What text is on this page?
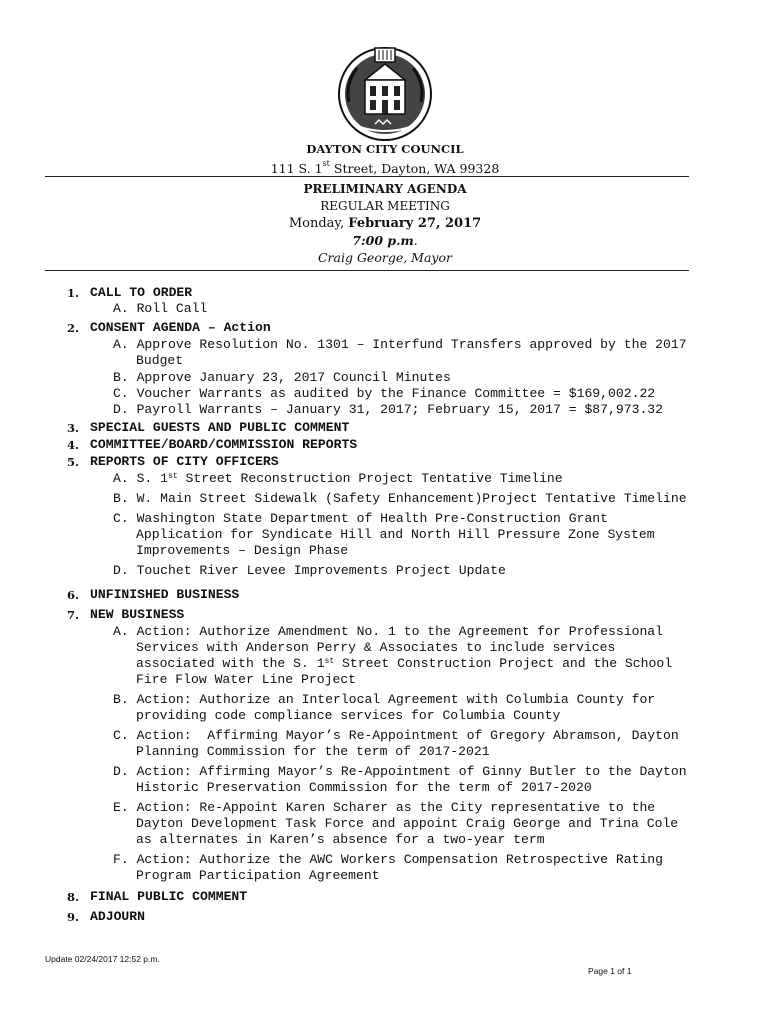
DAYTON CITY COUNCIL
111 S. 1st Street, Dayton, WA 99328
PRELIMINARY AGENDA
REGULAR MEETING
Monday, February 27, 2017
7:00 p.m.
Craig George, Mayor
1. CALL TO ORDER
A. Roll Call
2. CONSENT AGENDA – Action
A. Approve Resolution No. 1301 – Interfund Transfers approved by the 2017
Budget
B. Approve January 23, 2017 Council Minutes
C. Voucher Warrants as audited by the Finance Committee = $169,002.22
D. Payroll Warrants – January 31, 2017; February 15, 2017 = $87,973.32
3. SPECIAL GUESTS AND PUBLIC COMMENT
4. COMMITTEE/BOARD/COMMISSION REPORTS
5. REPORTS OF CITY OFFICERS
A. S. 1st Street Reconstruction Project Tentative Timeline
B. W. Main Street Sidewalk (Safety Enhancement)Project Tentative Timeline
C. Washington State Department of Health Pre-Construction Grant
Application for Syndicate Hill and North Hill Pressure Zone System
Improvements – Design Phase
D. Touchet River Levee Improvements Project Update
6. UNFINISHED BUSINESS
7. NEW BUSINESS
A. Action: Authorize Amendment No. 1 to the Agreement for Professional
Services with Anderson Perry & Associates to include services
associated with the S. 1st Street Construction Project and the School
Fire Flow Water Line Project
B. Action: Authorize an Interlocal Agreement with Columbia County for
providing code compliance services for Columbia County
C. Action:  Affirming Mayor’s Re-Appointment of Gregory Abramson, Dayton
Planning Commission for the term of 2017-2021
D. Action: Affirming Mayor’s Re-Appointment of Ginny Butler to the Dayton
Historic Preservation Commission for the term of 2017-2020
E. Action: Re-Appoint Karen Scharer as the City representative to the
Dayton Development Task Force and appoint Craig George and Trina Cole
as alternates in Karen’s absence for a two-year term
F. Action: Authorize the AWC Workers Compensation Retrospective Rating
Program Participation Agreement
8. FINAL PUBLIC COMMENT
9. ADJOURN
Update 02/24/2017 12:52 p.m.
Page 1 of 1
